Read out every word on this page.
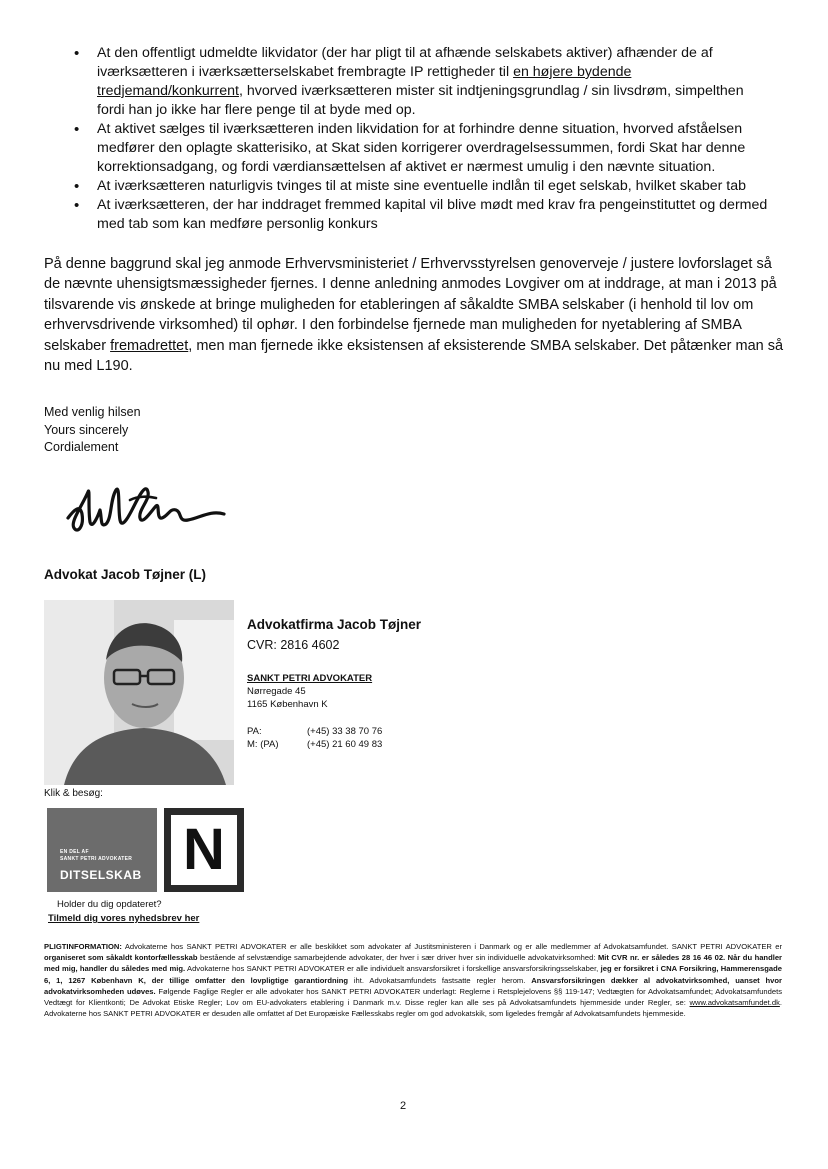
• At den offentligt udmeldte likvidator (der har pligt til at afhænde selskabets aktiver) afhænder de af iværksætteren i iværksætterselskabet frembragte IP rettigheder til en højere bydende tredjemand/konkurrent, hvorved iværksætteren mister sit indtjeningsgrundlag / sin livsdrøm, simpelthen fordi han jo ikke har flere penge til at byde med op.
• At aktivet sælges til iværksætteren inden likvidation for at forhindre denne situation, hvorved afståelsen medfører den oplagte skatterisiko, at Skat siden korrigerer overdragelsessummen, fordi Skat har denne korrektionsadgang, og fordi værdiansættelsen af aktivet er nærmest umulig i den nævnte situation.
• At iværksætteren naturligvis tvinges til at miste sine eventuelle indlån til eget selskab, hvilket skaber tab
• At iværksætteren, der har inddraget fremmed kapital vil blive mødt med krav fra pengeinstituttet og dermed med tab som kan medføre personlig konkurs

På denne baggrund skal jeg anmode Erhvervsministeriet / Erhvervsstyrelsen genoverveje / justere lovforslaget så de nævnte uhensigtsmæssigheder fjernes. I denne anledning anmodes Lovgiver om at inddrage, at man i 2013 på tilsvarende vis ønskede at bringe muligheden for etableringen af såkaldte SMBA selskaber (i henhold til lov om erhvervsdrivende virksomhed) til ophør. I den forbindelse fjernede man muligheden for nyetablering af SMBA selskaber fremadrettet, men man fjernede ikke eksistensen af eksisterende SMBA selskaber. Det påtænker man så nu med L190.

Med venlig hilsen
Yours sincerely
Cordialement
Advokat Jacob Tøjner (L)
Advokatfirma Jacob Tøjner
CVR: 2816 4602
SANKT PETRI ADVOKATER
Nørregade 45
1165 København K
PA:	(+45) 33 38 70 76
M: (PA)	(+45) 21 60 49 83
Klik & besøg:
EN DEL AF
SANKT PETRI ADVOKATER
DITSELSKAB N
Holder du dig opdateret?
Tilmeld dig vores nyhedsbrev her

PLIGTINFORMATION: Advokaterne hos SANKT PETRI ADVOKATER er alle beskikket som advokater af Justitsministeren i Danmark og er alle medlemmer af Advokatsamfundet. SANKT PETRI ADVOKATER er organiseret som såkaldt kontorfællesskab bestående af selvstændige samarbejdende advokater, der hver i sær driver hver sin individuelle advokatvirksomhed: Mit CVR nr. er således 28 16 46 02. Når du handler med mig, handler du således med mig. Advokaterne hos SANKT PETRI ADVOKATER er alle individuelt ansvarsforsikret i forskellige ansvarsforsikringsselskaber, jeg er forsikret i CNA Forsikring, Hammerensgade 6, 1, 1267 København K, der tillige omfatter den lovpligtige garantiordning iht. Advokatsamfundets fastsatte regler herom. Ansvarsforsikringen dækker al advokatvirksomhed, uanset hvor advokatvirksomheden udøves. Følgende Faglige Regler er alle advokater hos SANKT PETRI ADVOKATER underlagt: Reglerne i Retsplejelovens §§ 119-147; Vedtægten for Advokatsamfundet; Advokatsamfundets Vedtægt for Klientkonti; De Advokat Etiske Regler; Lov om EU-advokaters etablering i Danmark m.v. Disse regler kan alle ses på Advokatsamfundets hjemmeside under Regler, se: www.advokatsamfundet.dk. Advokaterne hos SANKT PETRI ADVOKATER er desuden alle omfattet af Det Europæiske Fællesskabs regler om god advokatskik, som ligeledes fremgår af Advokatsamfundets hjemmeside.

2
